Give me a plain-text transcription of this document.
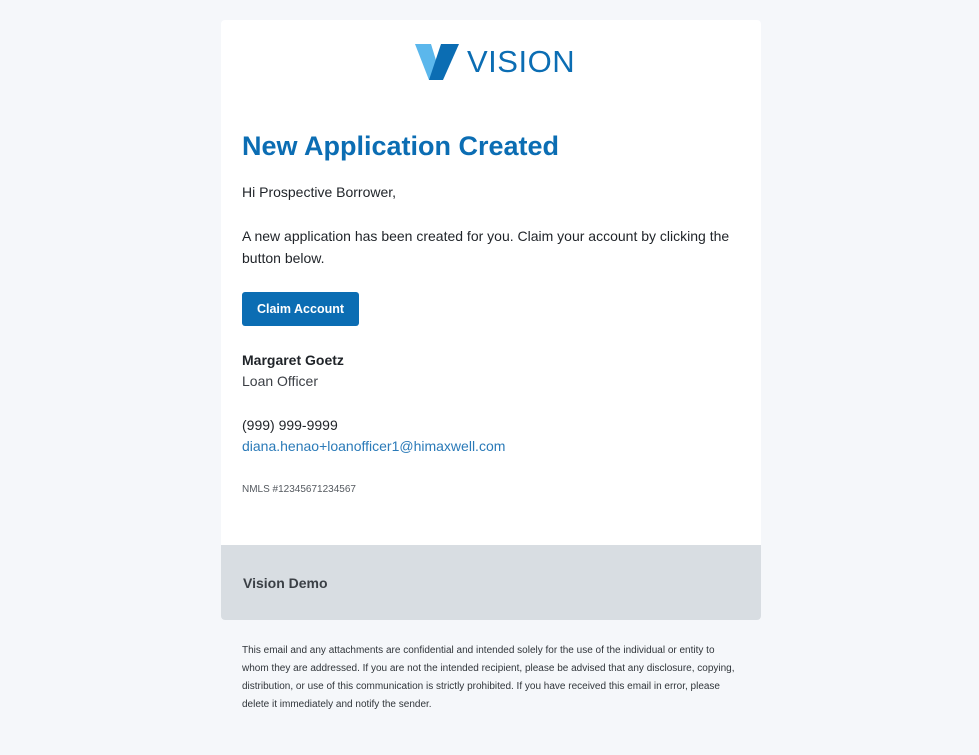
VISION
New Application Created

Hi Prospective Borrower,

A new application has been created for you. Claim your account by clicking the button below.

Claim Account

Margaret Goetz

Loan Officer

(999) 999-9999

diana.henao+loanofficer1@himaxwell.com
NMLS #12345671234567
Vision Demo

This email and any attachments are confidential and intended solely for the use of the individual or entity to whom they are addressed. If you are not the intended recipient, please be advised that any disclosure, copying, distribution, or use of this communication is strictly prohibited. If you have received this email in error, please delete it immediately and notify the sender.
